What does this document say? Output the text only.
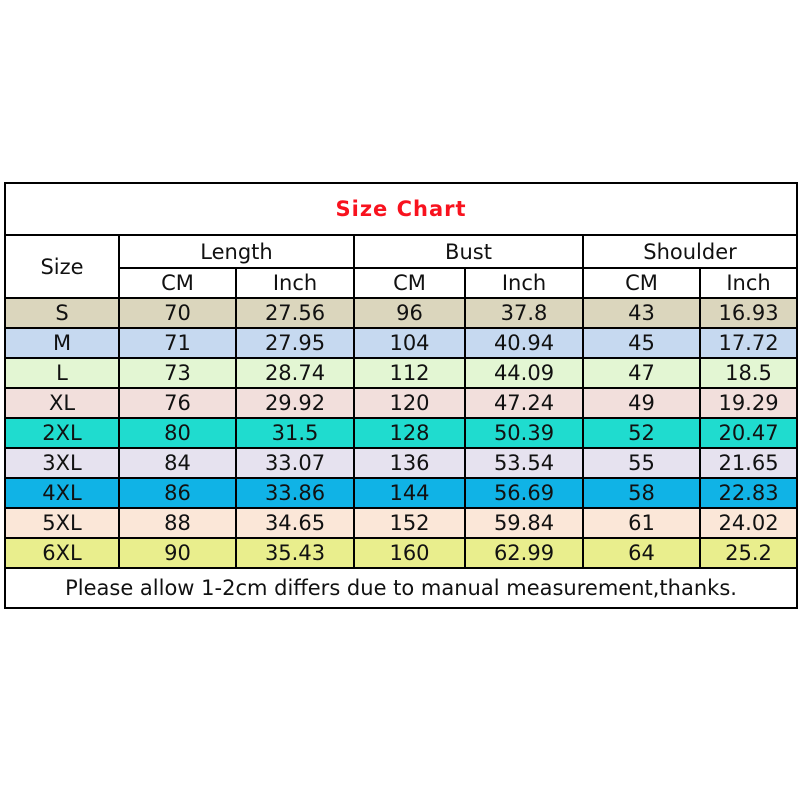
Size Chart						
Size	Length		Bust		Shoulder	
	CM	Inch	CM	Inch	CM	Inch
S	70	27.56	96	37.8	43	16.93
M	71	27.95	104	40.94	45	17.72
L	73	28.74	112	44.09	47	18.5
XL	76	29.92	120	47.24	49	19.29
2XL	80	31.5	128	50.39	52	20.47
3XL	84	33.07	136	53.54	55	21.65
4XL	86	33.86	144	56.69	58	22.83
5XL	88	34.65	152	59.84	61	24.02
6XL	90	35.43	160	62.99	64	25.2
Please allow 1-2cm differs due to manual measurement,thanks.						
